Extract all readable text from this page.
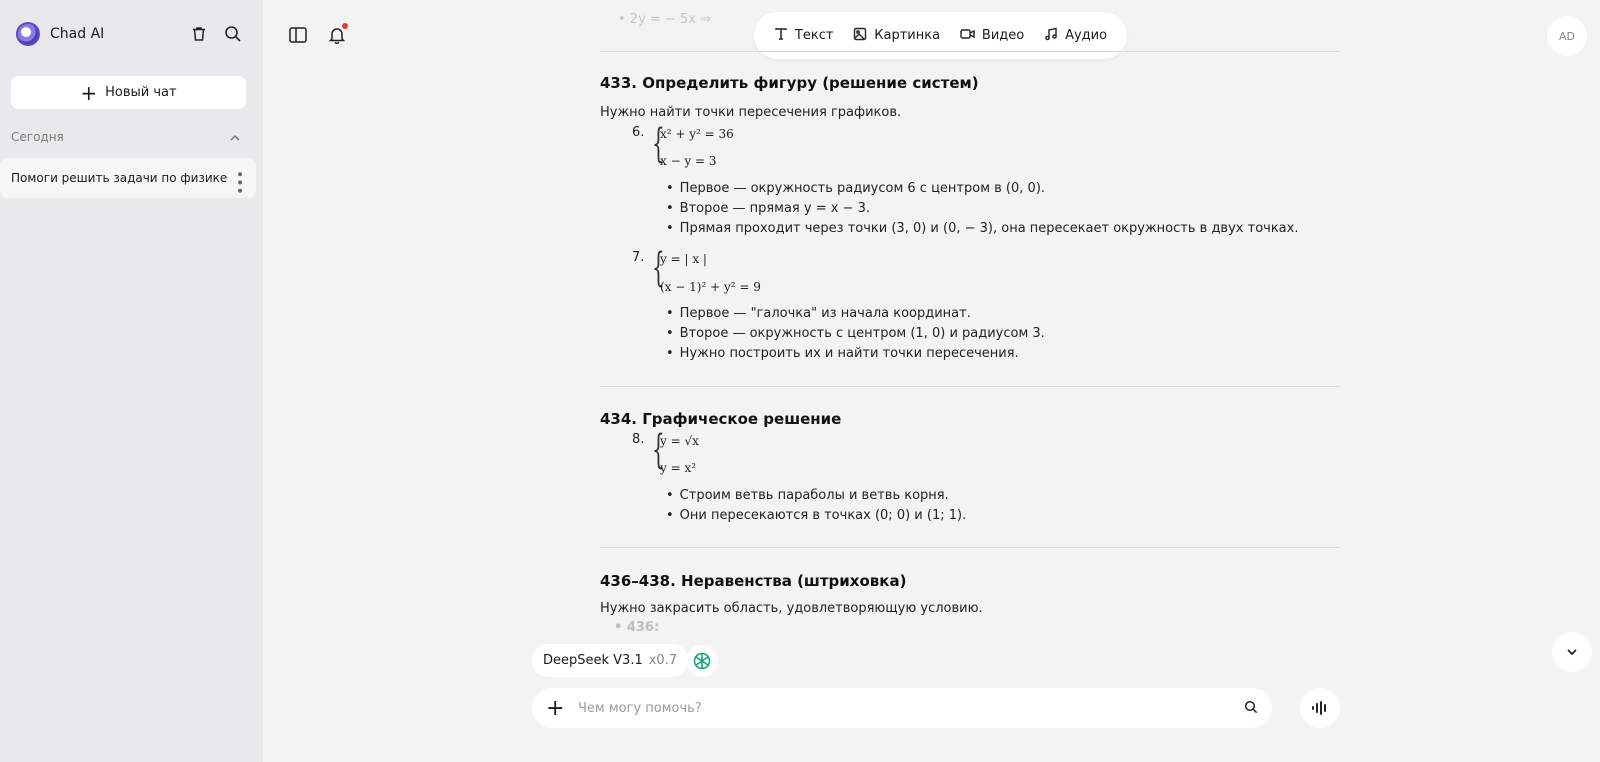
Chad AI
+ Новый чат
Сегодня
Помоги решить задачи по физике •••
Текст	Картинка	Видео	Аудио	AD
• 2y = − 5x ⇒
433. Определить фигуру (решение систем)

Нужно найти точки пересечения графиков.

6. {
x² + y² = 36
x − y = 3
• Первое — окружность радиусом 6 с центром в (0, 0).
• Второе — прямая y = x − 3.
• Прямая проходит через точки (3, 0) и (0, − 3), она пересекает окружность в двух точках.
7. {
y = | x |
(x − 1)² + y² = 9
• Первое — "галочка" из начала координат.
• Второе — окружность с центром (1, 0) и радиусом 3.
• Нужно построить их и найти точки пересечения.
434. Графическое решение
8. {
y = √x
y = x²
• Строим ветвь параболы и ветвь корня.
• Они пересекаются в точках (0; 0) и (1; 1).
436–438. Неравенства (штриховка)

Нужно закрасить область, удовлетворяющую условию.

• 436:
DeepSeek V3.1 x0.7
+
Чем могу помочь?
